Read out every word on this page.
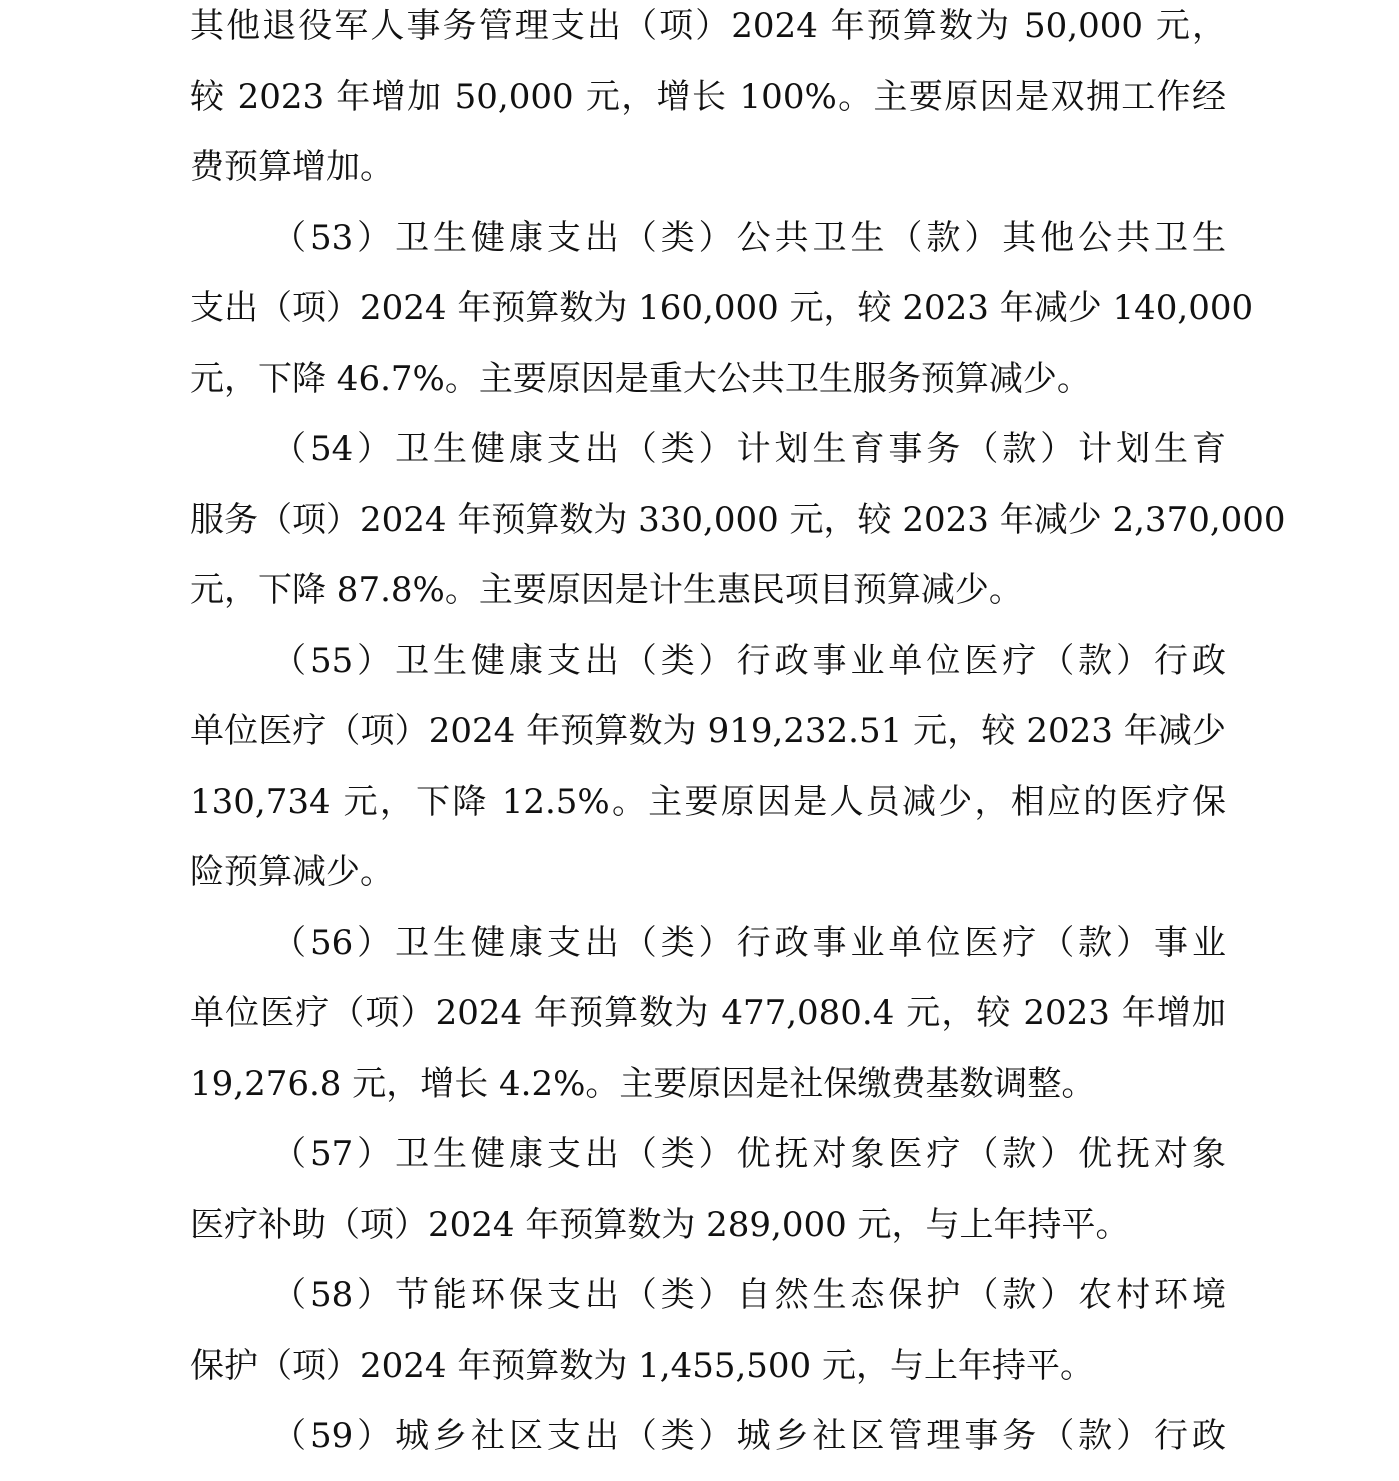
其他退役军人事务管理支出（项）2024 年预算数为 50,000 元，
较 2023 年增加 50,000 元，增长 100%。主要原因是双拥工作经
费预算增加。
（53）卫生健康支出（类）公共卫生（款）其他公共卫生
支出（项）2024 年预算数为 160,000 元，较 2023 年减少 140,000
元，下降 46.7%。主要原因是重大公共卫生服务预算减少。
（54）卫生健康支出（类）计划生育事务（款）计划生育
服务（项）2024 年预算数为 330,000 元，较 2023 年减少 2,370,000
元，下降 87.8%。主要原因是计生惠民项目预算减少。
（55）卫生健康支出（类）行政事业单位医疗（款）行政
单位医疗（项）2024 年预算数为 919,232.51 元，较 2023 年减少
130,734 元，下降 12.5%。主要原因是人员减少，相应的医疗保
险预算减少。
（56）卫生健康支出（类）行政事业单位医疗（款）事业
单位医疗（项）2024 年预算数为 477,080.4 元，较 2023 年增加
19,276.8 元，增长 4.2%。主要原因是社保缴费基数调整。
（57）卫生健康支出（类）优抚对象医疗（款）优抚对象
医疗补助（项）2024 年预算数为 289,000 元，与上年持平。
（58）节能环保支出（类）自然生态保护（款）农村环境
保护（项）2024 年预算数为 1,455,500 元，与上年持平。
（59）城乡社区支出（类）城乡社区管理事务（款）行政
